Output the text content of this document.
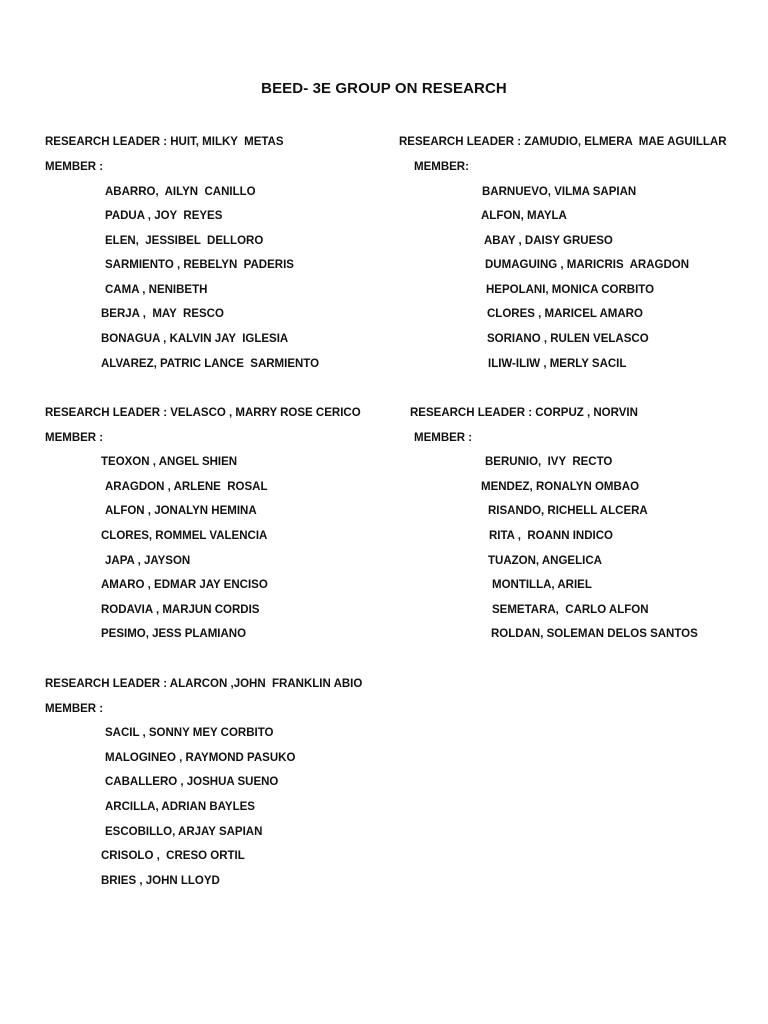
BEED- 3E GROUP ON RESEARCH
RESEARCH LEADER : HUIT, MILKY  METAS
MEMBER :
ABARRO,  AILYN  CANILLO
PADUA , JOY  REYES
ELEN,  JESSIBEL  DELLORO
SARMIENTO , REBELYN  PADERIS
CAMA , NENIBETH
BERJA ,  MAY  RESCO
BONAGUA , KALVIN JAY  IGLESIA
ALVAREZ, PATRIC LANCE  SARMIENTO
RESEARCH LEADER : ZAMUDIO, ELMERA  MAE AGUILLAR
MEMBER:
BARNUEVO, VILMA SAPIAN
ALFON, MAYLA
ABAY , DAISY GRUESO
DUMAGUING , MARICRIS  ARAGDON
HEPOLANI, MONICA CORBITO
CLORES , MARICEL AMARO
SORIANO , RULEN VELASCO
ILIW-ILIW , MERLY SACIL
RESEARCH LEADER : VELASCO , MARRY ROSE CERICO
MEMBER :
TEOXON , ANGEL SHIEN
ARAGDON , ARLENE  ROSAL
ALFON , JONALYN HEMINA
CLORES, ROMMEL VALENCIA
JAPA , JAYSON
AMARO , EDMAR JAY ENCISO
RODAVIA , MARJUN CORDIS
PESIMO, JESS PLAMIANO
RESEARCH LEADER : CORPUZ , NORVIN
MEMBER :
BERUNIO,  IVY  RECTO
MENDEZ, RONALYN OMBAO
RISANDO, RICHELL ALCERA
RITA ,  ROANN INDICO
TUAZON, ANGELICA
MONTILLA, ARIEL
SEMETARA,  CARLO ALFON
ROLDAN, SOLEMAN DELOS SANTOS
RESEARCH LEADER : ALARCON ,JOHN  FRANKLIN ABIO
MEMBER :
SACIL , SONNY MEY CORBITO
MALOGINEO , RAYMOND PASUKO
CABALLERO , JOSHUA SUENO
ARCILLA, ADRIAN BAYLES
ESCOBILLO, ARJAY SAPIAN
CRISOLO ,  CRESO ORTIL
BRIES , JOHN LLOYD
